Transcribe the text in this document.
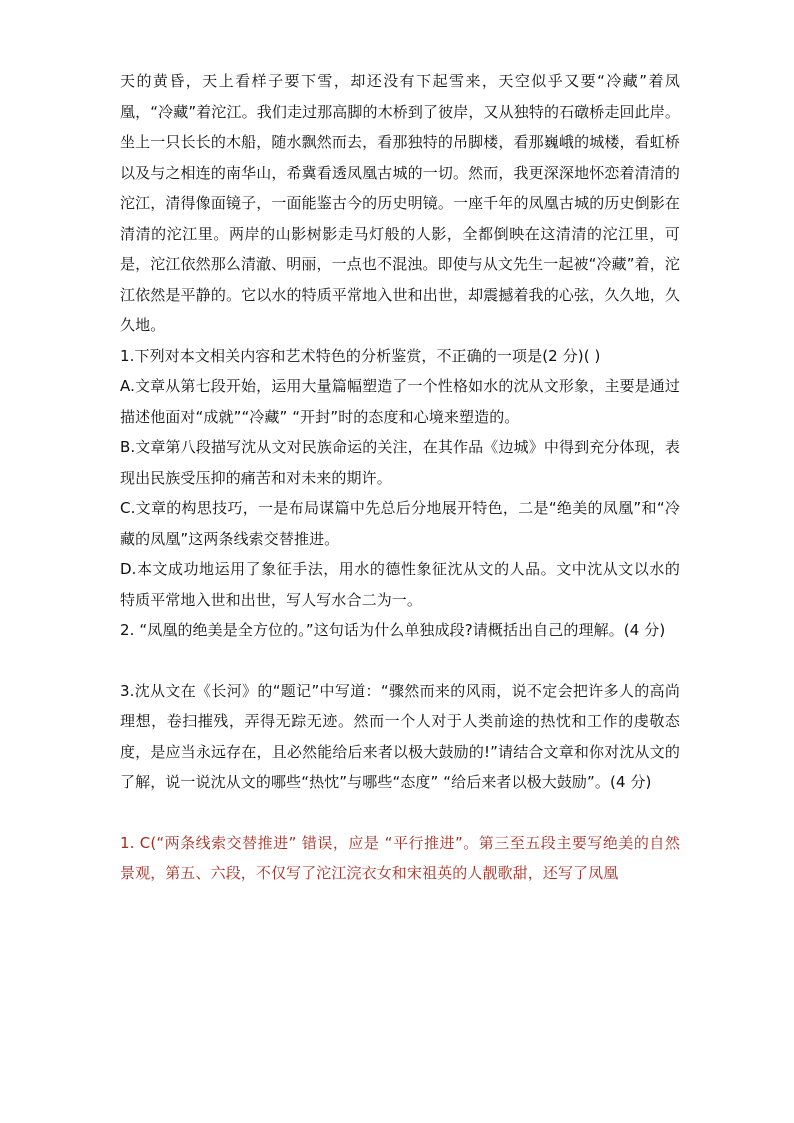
天的黄昏，天上看样子要下雪，却还没有下起雪来，天空似乎又要“冷藏”着凤凰，“冷藏”着沱江。我们走过那高脚的木桥到了彼岸，又从独特的石礅桥走回此岸。坐上一只长长的木船，随水飘然而去，看那独特的吊脚楼，看那巍峨的城楼，看虹桥以及与之相连的南华山，希冀看透凤凰古城的一切。然而，我更深深地怀恋着清清的沱江，清得像面镜子，一面能鉴古今的历史明镜。一座千年的凤凰古城的历史倒影在清清的沱江里。两岸的山影树影走马灯般的人影，全都倒映在这清清的沱江里，可是，沱江依然那么清澈、明丽，一点也不混浊。即使与从文先生一起被“冷藏”着，沱江依然是平静的。它以水的特质平常地入世和出世，却震撼着我的心弦，久久地，久久地。

1.下列对本文相关内容和艺术特色的分析鉴赏，不正确的一项是(2 分)( )

A.文章从第七段开始，运用大量篇幅塑造了一个性格如水的沈从文形象，主要是通过描述他面对“成就”“冷藏” “开封”时的态度和心境来塑造的。

B.文章第八段描写沈从文对民族命运的关注，在其作品《边城》中得到充分体现，表现出民族受压抑的痛苦和对未来的期许。

C.文章的构思技巧，一是布局谋篇中先总后分地展开特色，二是“绝美的凤凰”和“冷藏的凤凰”这两条线索交替推进。

D.本文成功地运用了象征手法，用水的德性象征沈从文的人品。文中沈从文以水的特质平常地入世和出世，写人写水合二为一。

2. “凤凰的绝美是全方位的。”这句话为什么单独成段?请概括出自己的理解。(4 分)

3.沈从文在《长河》的“题记”中写道：“骤然而来的风雨，说不定会把许多人的高尚理想，卷扫摧残，弄得无踪无迹。然而一个人对于人类前途的热忱和工作的虔敬态度，是应当永远存在，且必然能给后来者以极大鼓励的!”请结合文章和你对沈从文的了解，说一说沈从文的哪些“热忱”与哪些“态度” “给后来者以极大鼓励”。(4 分)

1. C(“两条线索交替推进” 错误，应是 “平行推进”。第三至五段主要写绝美的自然景观，第五、六段，不仅写了沱江浣衣女和宋祖英的人靓歌甜，还写了凤凰
